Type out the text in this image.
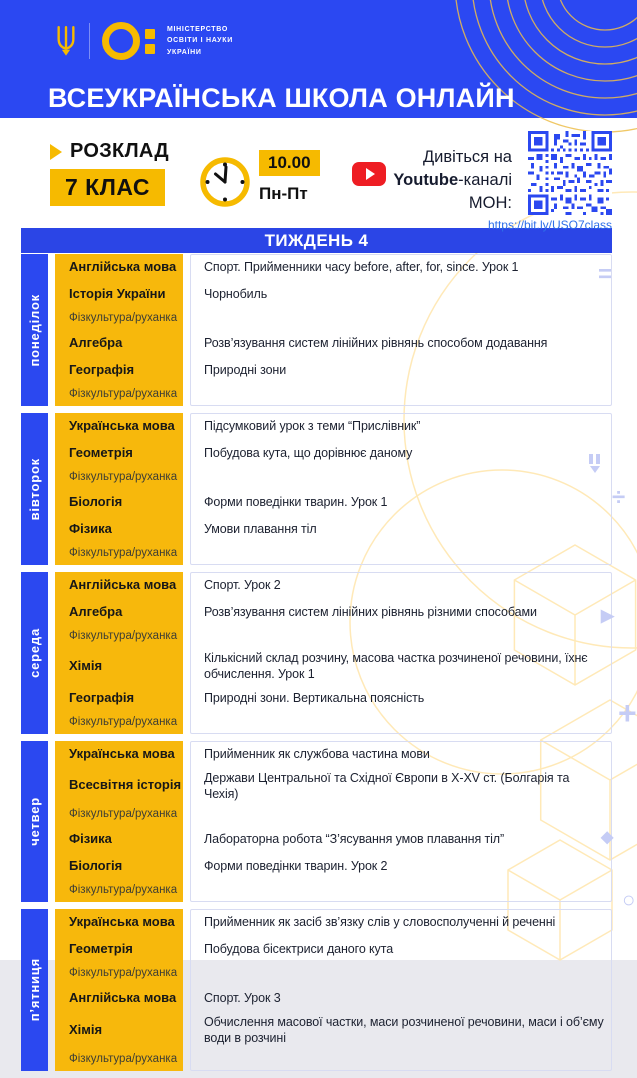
МІНІСТЕРСТВО
ОСВІТИ І НАУКИ
УКРАЇНИ
ВСЕУКРАЇНСЬКА ШКОЛА ОНЛАЙН
РОЗКЛАД
7 КЛАС
10.00
Пн-Пт
Дивіться на
Youtube-каналі
МОН:
https://bit.ly/USO7class
ТИЖДЕНЬ 4
понеділок
Англійська мова	Спорт. Прийменники часу before, after, for, since. Урок 1
Історія України	Чорнобиль
Фізкультура/руханка
Алгебра	Розв’язування систем лінійних рівнянь способом додавання
Географія	Природні зони
Фізкультура/руханка
вівторок
Українська мова	Підсумковий урок з теми “Прислівник”
Геометрія	Побудова кута, що дорівнює даному
Фізкультура/руханка
Біологія	Форми поведінки тварин. Урок 1
Фізика	Умови плавання тіл
Фізкультура/руханка
середа
Англійська мова	Спорт. Урок 2
Алгебра	Розв’язування систем лінійних рівнянь різними способами
Фізкультура/руханка
Хімія	Кількісний склад розчину, масова частка розчиненої речовини, їхнє обчислення. Урок 1
Географія	Природні зони. Вертикальна поясність
Фізкультура/руханка
четвер
Українська мова	Прийменник як службова частина мови
Всесвітня історія	Держави Центральної та Східної Європи в X-XV ст. (Болгарія та Чехія)
Фізкультура/руханка
Фізика	Лабораторна робота “З’ясування умов плавання тіл”
Біологія	Форми поведінки тварин. Урок 2
Фізкультура/руханка
п’ятниця
Українська мова	Прийменник як засіб зв’язку слів у словосполученні й реченні
Геометрія	Побудова бісектриси даного кута
Фізкультура/руханка
Англійська мова	Спорт. Урок 3
Хімія	Обчислення масової частки, маси розчиненої речовини, маси і об’єму води в розчині
Фізкультура/руханка
=
÷
▶
+
◆
○
